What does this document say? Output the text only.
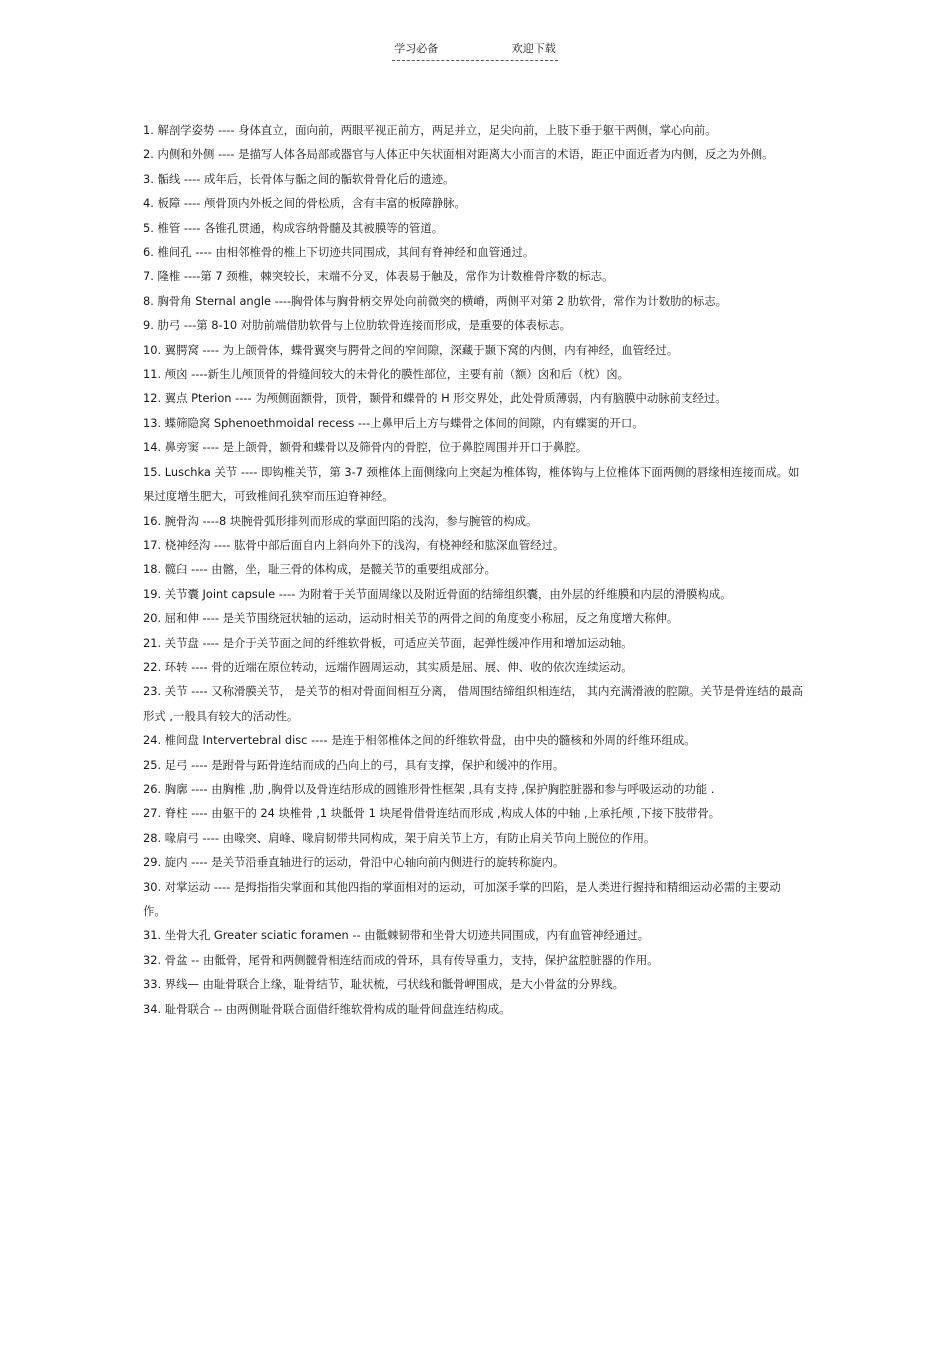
学习必备	欢迎下载

1. 解剖学姿势 ---- 身体直立，面向前，两眼平视正前方，两足并立，足尖向前，上肢下垂于躯干两侧，掌心向前。

2. 内侧和外侧 ---- 是描写人体各局部或器官与人体正中矢状面相对距离大小而言的术语，距正中面近者为内侧，反之为外侧。

3. 骺线 ---- 成年后，长骨体与骺之间的骺软骨骨化后的遗迹。

4. 板障 ---- 颅骨顶内外板之间的骨松质，含有丰富的板障静脉。

5. 椎管 ---- 各锥孔贯通，构成容纳骨髓及其被膜等的管道。

6. 椎间孔 ---- 由相邻椎骨的椎上下切迹共同围成，其间有脊神经和血管通过。

7. 隆椎 ----第 7 颈椎，棘突较长，末端不分叉，体表易于触及，常作为计数椎骨序数的标志。

8. 胸骨角 Sternal angle ----胸骨体与胸骨柄交界处向前微突的横嵴，两侧平对第 2 肋软骨，常作为计数肋的标志。

9. 肋弓 ---第 8-10 对肋前端借肋软骨与上位肋软骨连接而形成，是重要的体表标志。

10. 翼腭窝 ---- 为上颌骨体，蝶骨翼突与腭骨之间的窄间隙，深藏于颞下窝的内侧，内有神经，血管经过。

11. 颅囟 ----新生儿颅顶骨的骨缝间较大的未骨化的膜性部位，主要有前（额）囟和后（枕）囟。

12. 翼点 Pterion ---- 为颅侧面额骨，顶骨，颞骨和蝶骨的 H 形交界处，此处骨质薄弱，内有脑膜中动脉前支经过。

13. 蝶筛隐窝 Sphenoethmoidal recess ---上鼻甲后上方与蝶骨之体间的间隙，内有蝶窦的开口。

14. 鼻旁窦 ---- 是上颌骨，额骨和蝶骨以及筛骨内的骨腔，位于鼻腔周围并开口于鼻腔。

15. Luschka 关节 ---- 即钩椎关节，第 3-7 颈椎体上面侧缘向上突起为椎体钩，椎体钩与上位椎体下面两侧的唇缘相连接而成。如果过度增生肥大，可致椎间孔狭窄而压迫脊神经。

16. 腕骨沟 ----8 块腕骨弧形排列而形成的掌面凹陷的浅沟，参与腕管的构成。

17. 桡神经沟 ---- 肱骨中部后面自内上斜向外下的浅沟，有桡神经和肱深血管经过。

18. 髋臼 ---- 由髂，坐，耻三骨的体构成，是髋关节的重要组成部分。

19. 关节囊 Joint capsule ---- 为附着于关节面周缘以及附近骨面的结缔组织囊，由外层的纤维膜和内层的滑膜构成。

20. 屈和伸 ---- 是关节围绕冠状轴的运动，运动时相关节的两骨之间的角度变小称屈，反之角度增大称伸。

21. 关节盘 ---- 是介于关节面之间的纤维软骨板，可适应关节面，起弹性缓冲作用和增加运动轴。

22. 环转 ---- 骨的近端在原位转动，远端作圆周运动，其实质是屈、展、伸、收的依次连续运动。

23. 关节 ---- 又称滑膜关节， 是关节的相对骨面间相互分离， 借周围结缔组织相连结， 其内充满滑液的腔隙。关节是骨连结的最高形式 ,一般具有较大的活动性。

24. 椎间盘 Intervertebral disc ---- 是连于相邻椎体之间的纤维软骨盘，由中央的髓核和外周的纤维环组成。

25. 足弓 ---- 是跗骨与跖骨连结而成的凸向上的弓，具有支撑，保护和缓冲的作用。

26. 胸廓 ---- 由胸椎 ,肋 ,胸骨以及骨连结形成的圆锥形骨性框架 ,具有支持 ,保护胸腔脏器和参与呼吸运动的功能 .

27. 脊柱 ---- 由躯干的 24 块椎骨 ,1 块骶骨 1 块尾骨借骨连结而形成 ,构成人体的中轴 ,上承托颅 ,下接下肢带骨。

28. 喙肩弓 ---- 由喙突、肩峰、喙肩韧带共同构成，架于肩关节上方，有防止肩关节向上脱位的作用。

29. 旋内 ---- 是关节沿垂直轴进行的运动，骨沿中心轴向前内侧进行的旋转称旋内。

30. 对掌运动 ---- 是拇指指尖掌面和其他四指的掌面相对的运动，可加深手掌的凹陷，是人类进行握持和精细运动必需的主要动作。

31. 坐骨大孔 Greater sciatic foramen -- 由骶棘韧带和坐骨大切迹共同围成，内有血管神经通过。

32. 骨盆 -- 由骶骨，尾骨和两侧髋骨相连结而成的骨环，具有传导重力，支持，保护盆腔脏器的作用。

33. 界线— 由耻骨联合上缘，耻骨结节，耻状梳，弓状线和骶骨岬围成，是大小骨盆的分界线。

34. 耻骨联合 -- 由两侧耻骨联合面借纤维软骨构成的耻骨间盘连结构成。
